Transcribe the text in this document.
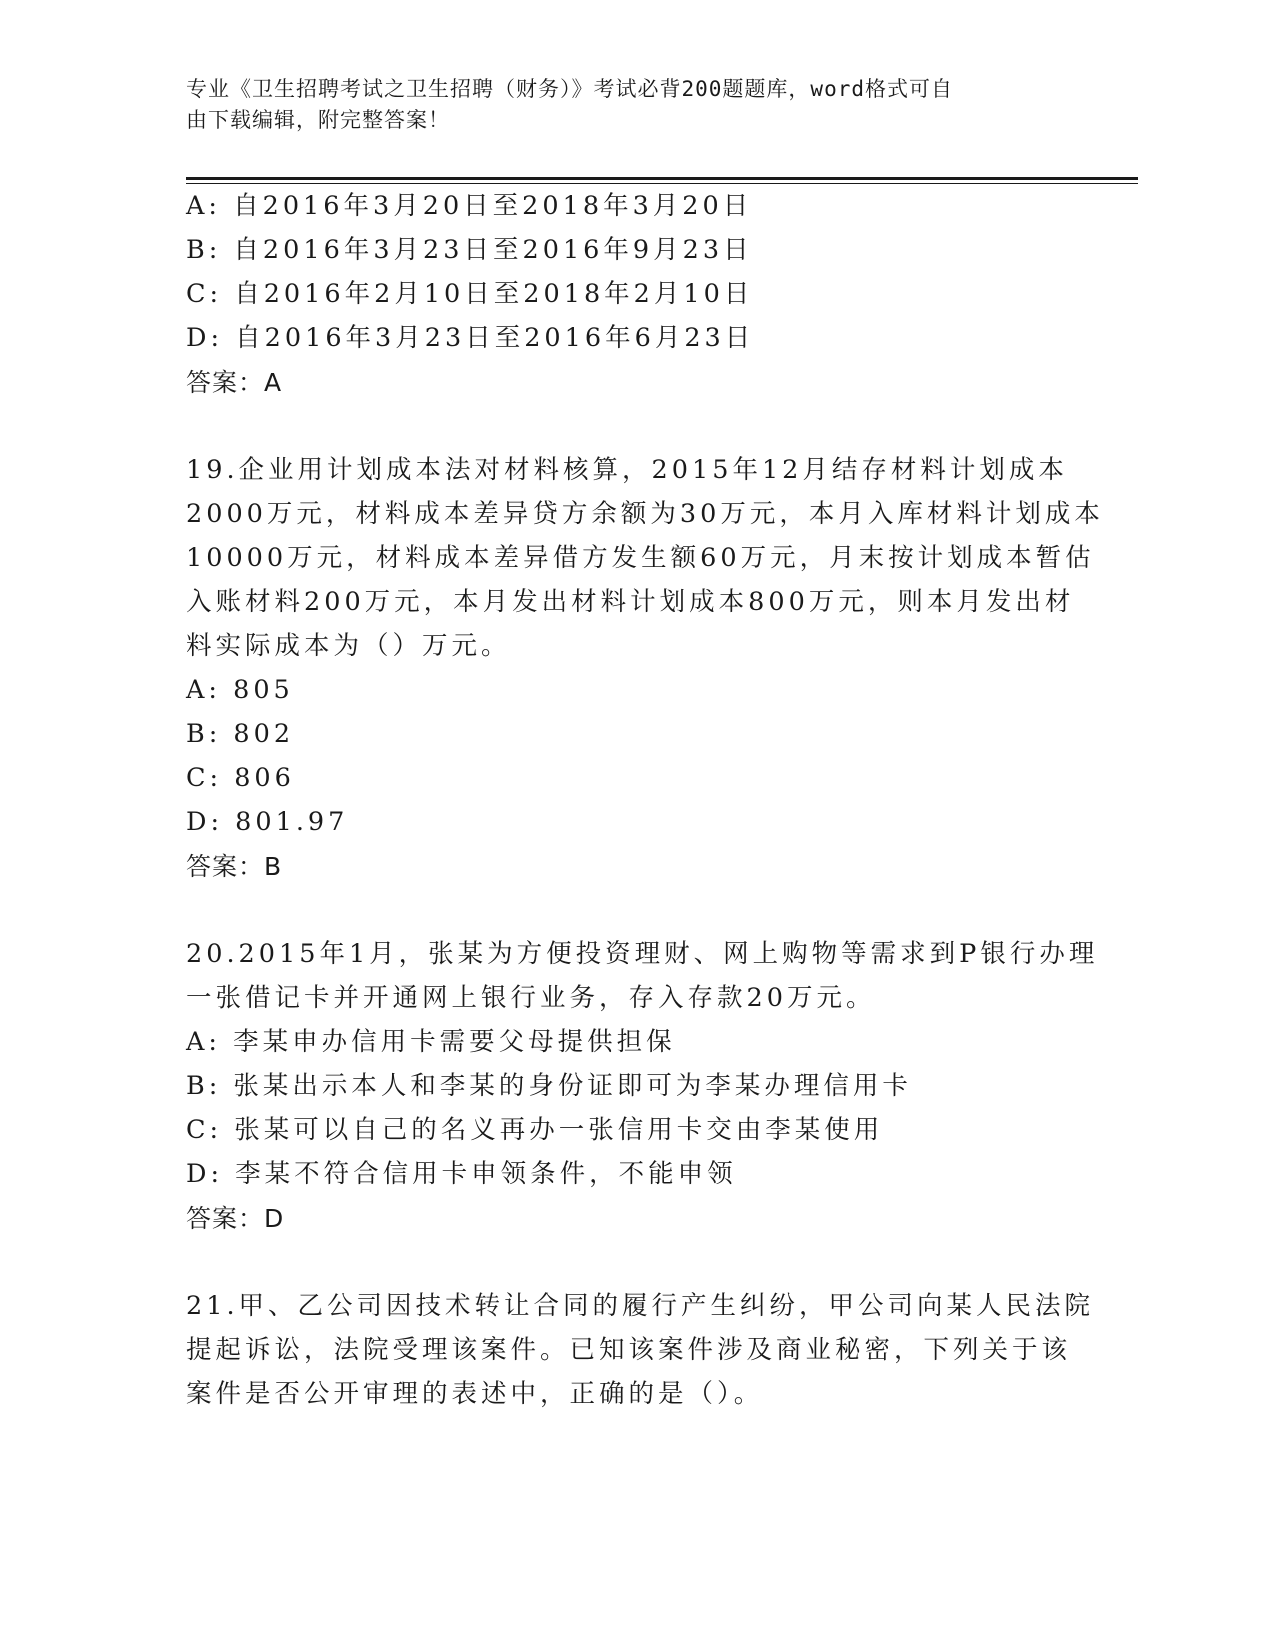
专业《卫生招聘考试之卫生招聘（财务）》考试必背200题题库，word格式可自
由下载编辑，附完整答案！
A: 自2016年3月20日至2018年3月20日
B: 自2016年3月23日至2016年9月23日
C: 自2016年2月10日至2018年2月10日
D: 自2016年3月23日至2016年6月23日
答案：A
19.企业用计划成本法对材料核算，2015年12月结存材料计划成本
2000万元，材料成本差异贷方余额为30万元，本月入库材料计划成本
10000万元，材料成本差异借方发生额60万元，月末按计划成本暂估
入账材料200万元，本月发出材料计划成本800万元，则本月发出材
料实际成本为（）万元。
A: 805
B: 802
C: 806
D: 801.97
答案：B
20.2015年1月，张某为方便投资理财、网上购物等需求到P银行办理
一张借记卡并开通网上银行业务，存入存款20万元。
A: 李某申办信用卡需要父母提供担保
B: 张某出示本人和李某的身份证即可为李某办理信用卡
C: 张某可以自己的名义再办一张信用卡交由李某使用
D: 李某不符合信用卡申领条件，不能申领
答案：D
21.甲、乙公司因技术转让合同的履行产生纠纷，甲公司向某人民法院
提起诉讼，法院受理该案件。已知该案件涉及商业秘密，下列关于该
案件是否公开审理的表述中，正确的是（）。
